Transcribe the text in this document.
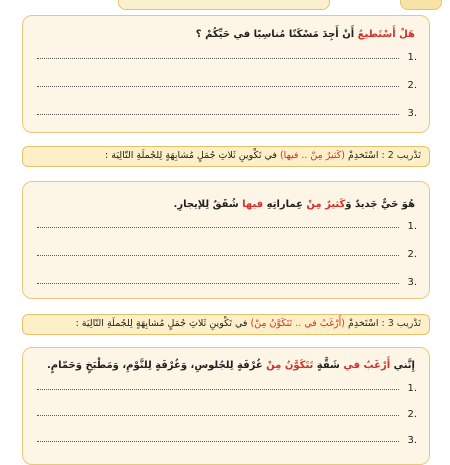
هَلْ أَسْتَطيعُ أَنْ أَجِدَ مَسْكَنًا مُناسِبًا في حَيِّكُمْ ؟
1.
2.
3.
تَدْريب 2 : اسْتَخدِمْ (كَثيرٌ مِنْ .. فيها) في تَكْوينِ ثَلاثِ جُمَلٍ مُشابِهَةٍ لِلجُملَةِ التّالِيَة :
هُوَ حَيٌّ جَديدٌ وَكَثيرٌ مِنْ عِماراتِهِ فيها شُقَقٌ لِلإيجارِ.
1.
2.
3.
تَدْريب 3 : اسْتَخدِمْ (أَرْغَبُ في .. تَتَكَوَّنُ مِنْ) في تَكْوينِ ثَلاثِ جُمَلٍ مُشابِهَةٍ لِلجُملَةِ التّالِيَة :
إِنَّني أَرْغَبُ في شَقَّةٍ تَتَكَوَّنُ مِنْ غُرْفَةٍ لِلجُلوسِ، وَغُرْفَةٍ لِلنَّوْمِ، وَمَطْبَخٍ وَحَمّامٍ.
1.
2.
3.
